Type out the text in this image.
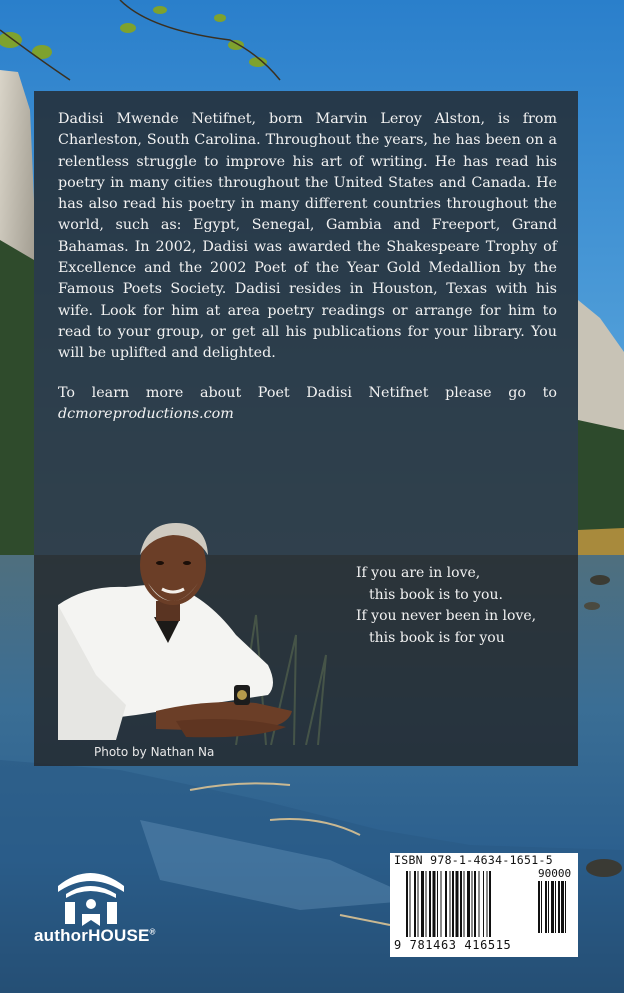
Dadisi Mwende Netifnet, born Marvin Leroy Alston, is from Charleston, South Carolina. Throughout the years, he has been on a relentless struggle to improve his art of writing. He has read his poetry in many cities throughout the United States and Canada. He has also read his poetry in many different countries throughout the world, such as: Egypt, Senegal, Gambia and Freeport, Grand Bahamas. In 2002, Dadisi was awarded the Shakespeare Trophy of Excellence and the 2002 Poet of the Year Gold Medallion by the Famous Poets Society. Dadisi resides in Houston, Texas with his wife. Look for him at area poetry readings or arrange for him to read to your group, or get all his publications for your library. You will be uplifted and delighted.

To learn more about Poet Dadisi Netifnet please go to dcmoreproductions.com

Photo by Nathan Na
If you are in love,
this book is to you.
If you never been in love,
this book is for you
authorHOUSE®
ISBN 978-1-4634-1651-5
90000
9 781463 416515
